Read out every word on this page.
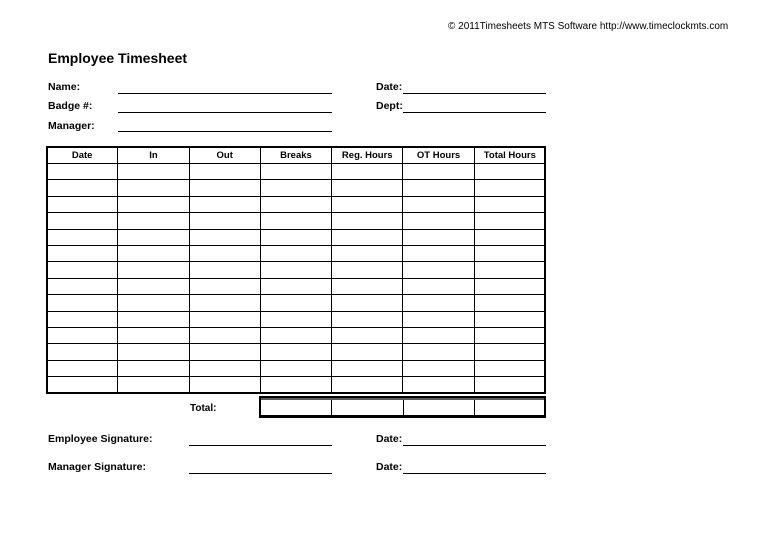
© 2011Timesheets MTS Software http://www.timeclockmts.com
Employee Timesheet
Name:
Badge #:
Manager:
Date:
Dept:
Date	In	Out	Breaks	Reg. Hours	OT Hours	Total Hours

Total:

Employee Signature:	Date:
Manager Signature:	Date:
